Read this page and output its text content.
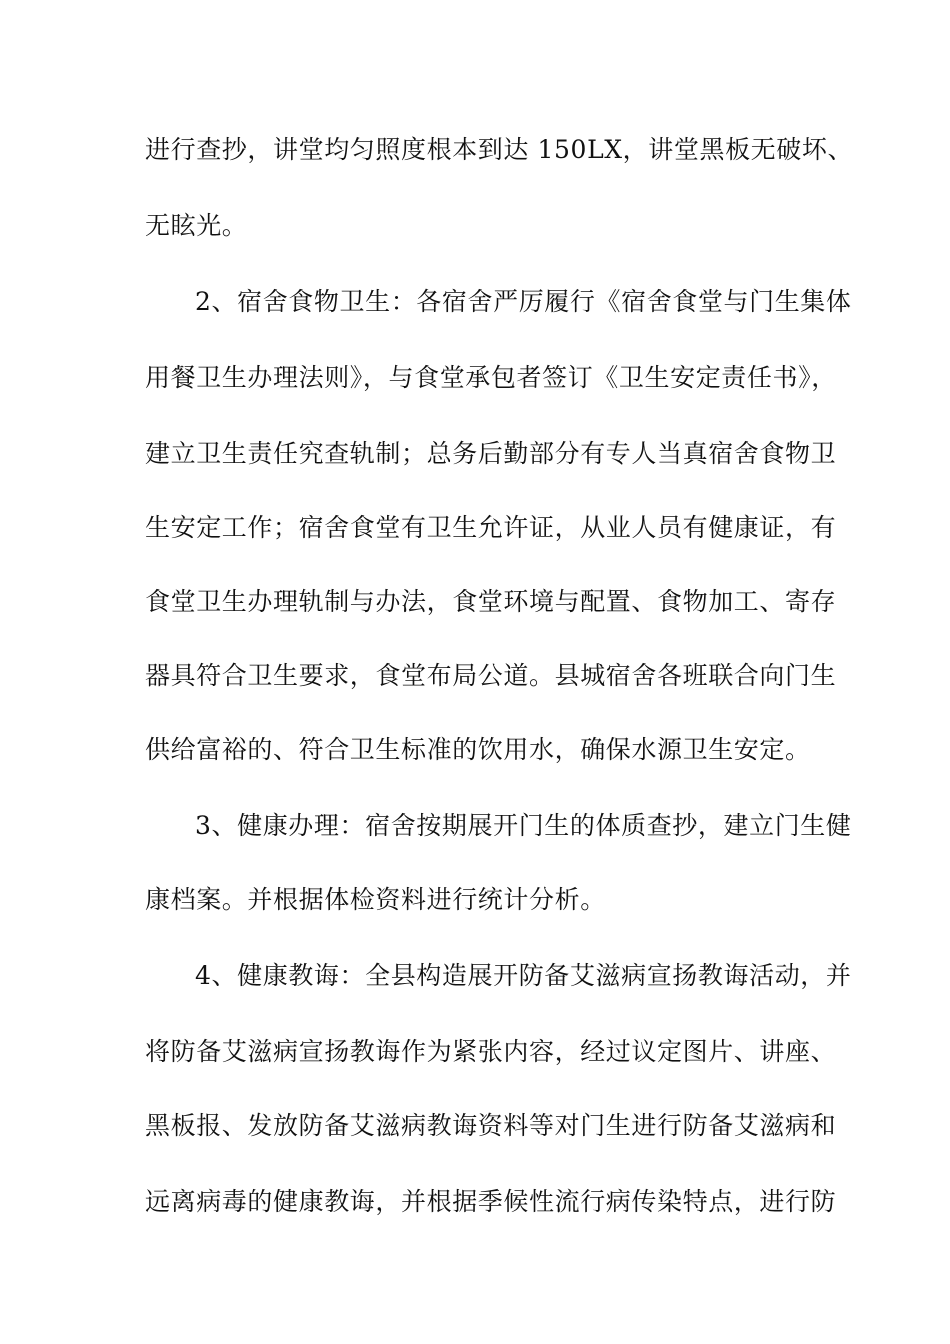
进行查抄，讲堂均匀照度根本到达 150LX，讲堂黑板无破坏、
无眩光。
2、宿舍食物卫生：各宿舍严厉履行《宿舍食堂与门生集体
用餐卫生办理法则》，与食堂承包者签订《卫生安定责任书》，
建立卫生责任究查轨制；总务后勤部分有专人当真宿舍食物卫
生安定工作；宿舍食堂有卫生允许证，从业人员有健康证，有
食堂卫生办理轨制与办法，食堂环境与配置、食物加工、寄存
器具符合卫生要求，食堂布局公道。县城宿舍各班联合向门生
供给富裕的、符合卫生标准的饮用水，确保水源卫生安定。
3、健康办理：宿舍按期展开门生的体质查抄，建立门生健
康档案。并根据体检资料进行统计分析。
4、健康教诲：全县构造展开防备艾滋病宣扬教诲活动，并
将防备艾滋病宣扬教诲作为紧张内容，经过议定图片、讲座、
黑板报、发放防备艾滋病教诲资料等对门生进行防备艾滋病和
远离病毒的健康教诲，并根据季候性流行病传染特点，进行防
